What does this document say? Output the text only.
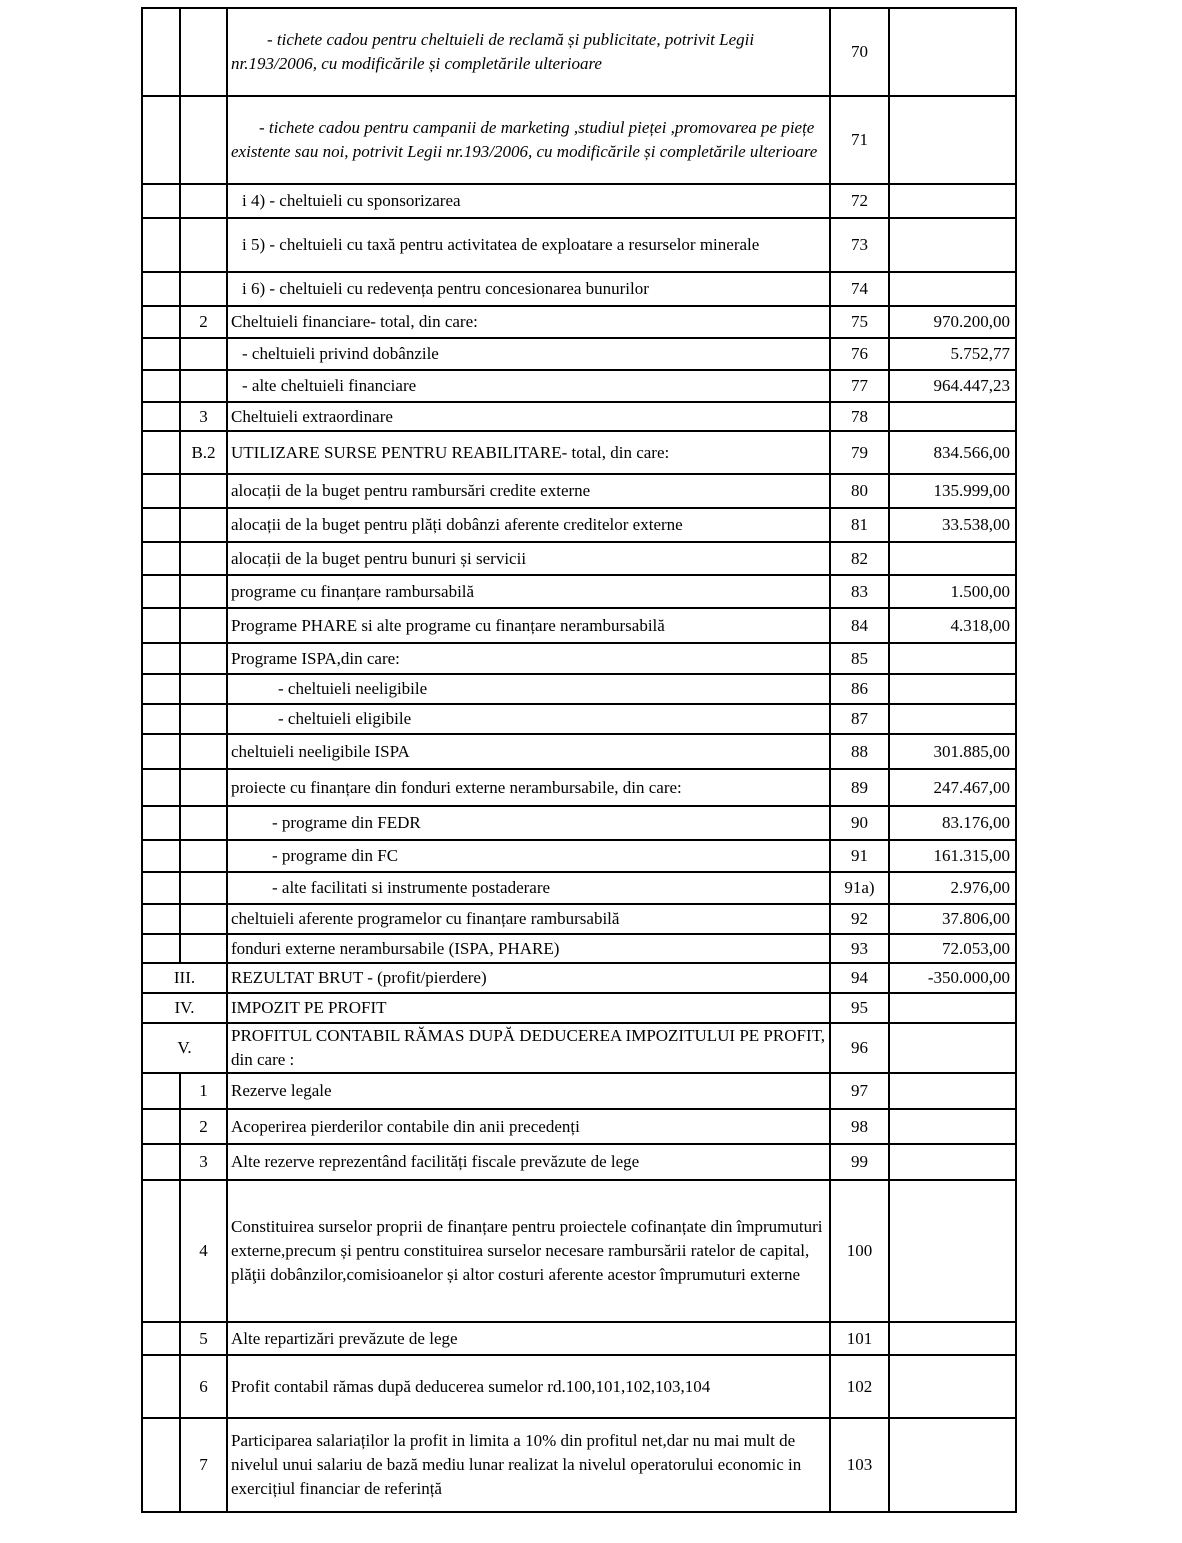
		- tichete cadou pentru cheltuieli de reclamă și publicitate, potrivit Legii nr.193/2006, cu modificările și completările ulterioare	70	
		- tichete cadou pentru campanii de marketing ,studiul pieței ,promovarea pe piețe existente sau noi, potrivit Legii nr.193/2006, cu modificările și completările ulterioare	71	
		i 4) - cheltuieli cu sponsorizarea	72	
		i 5) - cheltuieli cu taxă pentru activitatea de exploatare a resurselor minerale	73	
		i 6) - cheltuieli cu redevența pentru concesionarea bunurilor	74	
	2	Cheltuieli financiare- total, din care:	75	970.200,00
		- cheltuieli privind dobânzile	76	5.752,77
		- alte cheltuieli financiare	77	964.447,23
	3	Cheltuieli extraordinare	78	
	B.2	UTILIZARE SURSE PENTRU REABILITARE- total, din care:	79	834.566,00
		alocații de la buget pentru rambursări credite externe	80	135.999,00
		alocații de la buget pentru plăți dobânzi aferente creditelor externe	81	33.538,00
		alocații de la buget pentru bunuri și servicii	82	
		programe cu finanțare rambursabilă	83	1.500,00
		Programe PHARE si alte programe cu finanțare nerambursabilă	84	4.318,00
		Programe ISPA,din care:	85	
		- cheltuieli neeligibile	86	
		- cheltuieli eligibile	87	
		cheltuieli neeligibile ISPA	88	301.885,00
		proiecte cu finanțare din fonduri externe nerambursabile, din care:	89	247.467,00
		- programe din FEDR	90	83.176,00
		- programe din FC	91	161.315,00
		- alte facilitati si instrumente postaderare	91a)	2.976,00
		cheltuieli aferente programelor cu finanțare rambursabilă	92	37.806,00
		fonduri externe nerambursabile (ISPA, PHARE)	93	72.053,00
III.		REZULTAT BRUT - (profit/pierdere)	94	-350.000,00
IV.		IMPOZIT PE PROFIT	95	
V.		PROFITUL CONTABIL RĂMAS DUPĂ DEDUCEREA IMPOZITULUI PE PROFIT, din care :	96	
	1	Rezerve legale	97	
	2	Acoperirea pierderilor contabile din anii precedenți	98	
	3	Alte rezerve reprezentând facilități fiscale prevăzute de lege	99	
	4	Constituirea surselor proprii de finanțare pentru proiectele cofinanțate din împrumuturi externe,precum și pentru constituirea surselor necesare rambursării ratelor de capital, plăţii dobânzilor,comisioanelor și altor costuri aferente acestor împrumuturi externe	100	
	5	Alte repartizări prevăzute de lege	101	
	6	Profit contabil rămas după deducerea sumelor rd.100,101,102,103,104	102	
	7	Participarea salariaților la profit in limita a 10% din profitul net,dar nu mai mult de nivelul unui salariu de bază mediu lunar realizat la nivelul operatorului economic in exercițiul financiar de referință	103	
